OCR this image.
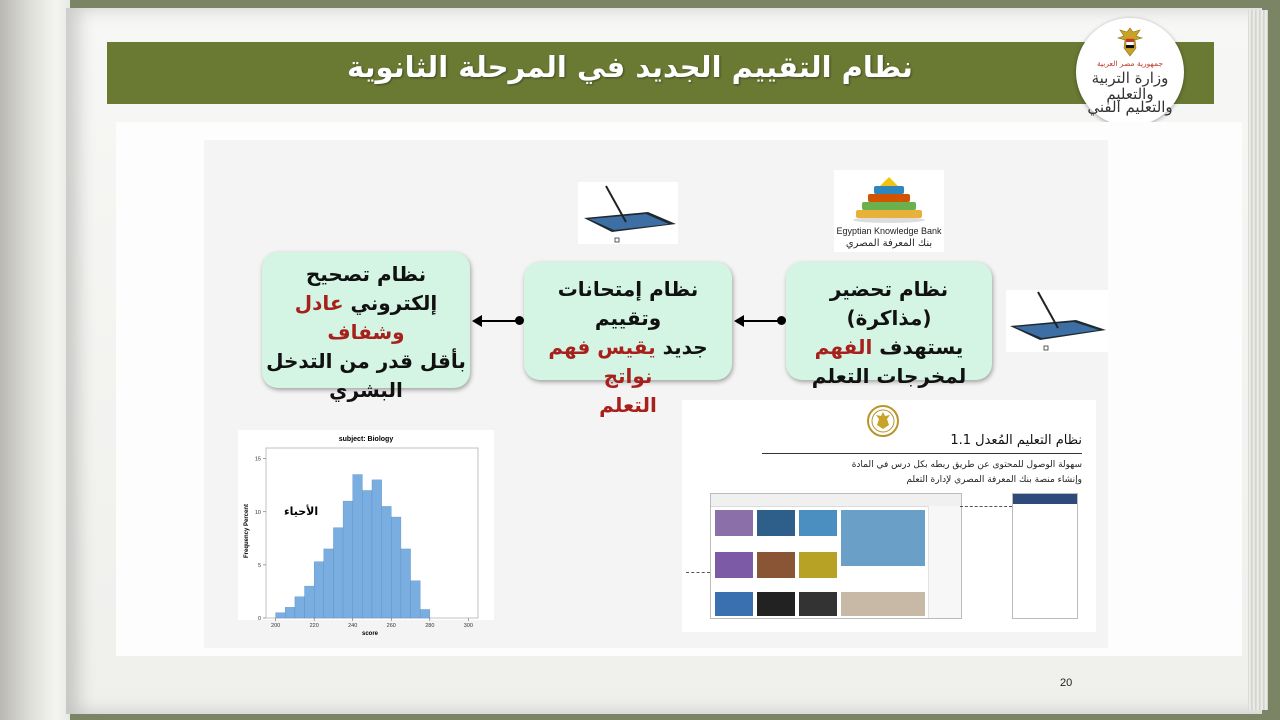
نظام التقييم الجديد في المرحلة الثانوية	جمهورية مصر العربية
وزارة التربية والتعليم
والتعليم الفني
Egyptian Knowledge Bank
بنك المعرفة المصري
نظام تحضير (مذاكرة)
يستهدف الفهم
لمخرجات التعلم
نظام إمتحانات وتقييم
جديد يقيس فهم نواتج
التعلم
نظام تصحيح
إلكتروني عادل وشفاف
بأقل قدر من التدخل
البشري
subject: Biology
Frequency Percent
200	220	240	260	280	300
0
5
10
15
الأحياء
score
نظام التعليم المُعدل 1.1
سهولة الوصول للمحتوى عن طريق ربطه بكل درس في المادة
وإنشاء منصة بنك المعرفة المصري لإدارة التعلم
20
